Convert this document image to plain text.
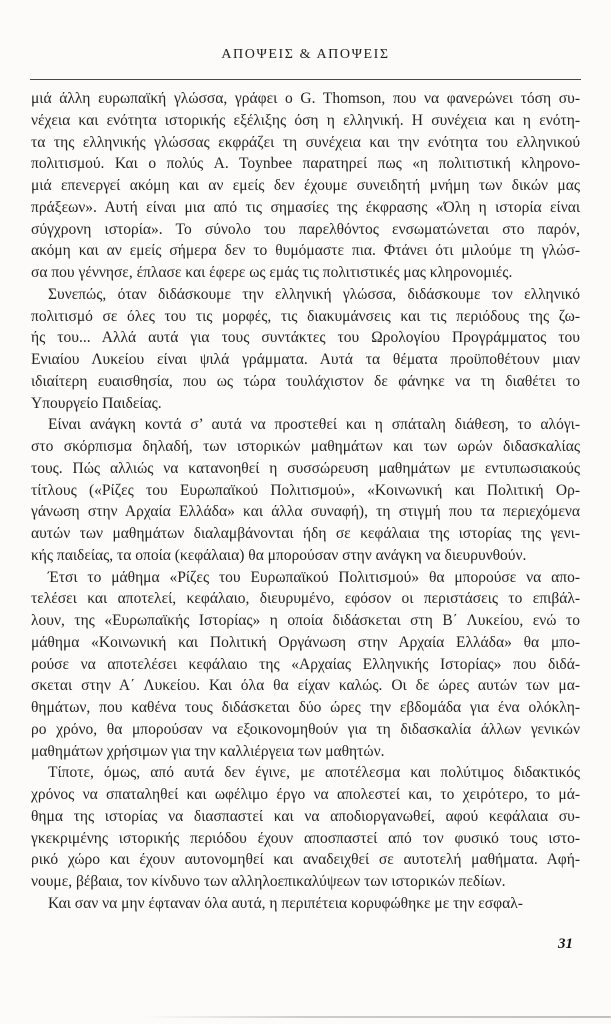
ΑΠΟΨΕΙΣ & ΑΠΟΨΕΙΣ
μιά άλλη ευρωπαϊκή γλώσσα, γράφει ο G. Thomson, που να φανερώνει τόση συ-
νέχεια και ενότητα ιστορικής εξέλιξης όση η ελληνική. Η συνέχεια και η ενότη-
τα της ελληνικής γλώσσας εκφράζει τη συνέχεια και την ενότητα του ελληνικού
πολιτισμού. Και ο πολύς A. Toynbee παρατηρεί πως «η πολιτιστική κληρονο-
μιά επενεργεί ακόμη και αν εμείς δεν έχουμε συνειδητή μνήμη των δικών μας
πράξεων». Αυτή είναι μια από τις σημασίες της έκφρασης «Όλη η ιστορία είναι
σύγχρονη ιστορία». Το σύνολο του παρελθόντος ενσωματώνεται στο παρόν,
ακόμη και αν εμείς σήμερα δεν το θυμόμαστε πια. Φτάνει ότι μιλούμε τη γλώσ-
σα που γέννησε, έπλασε και έφερε ως εμάς τις πολιτιστικές μας κληρονομιές.
Συνεπώς, όταν διδάσκουμε την ελληνική γλώσσα, διδάσκουμε τον ελληνικό
πολιτισμό σε όλες του τις μορφές, τις διακυμάνσεις και τις περιόδους της ζω-
ής του... Αλλά αυτά για τους συντάκτες του Ωρολογίου Προγράμματος του
Ενιαίου Λυκείου είναι ψιλά γράμματα. Αυτά τα θέματα προϋποθέτουν μιαν
ιδιαίτερη ευαισθησία, που ως τώρα τουλάχιστον δε φάνηκε να τη διαθέτει το
Υπουργείο Παιδείας.
Είναι ανάγκη κοντά σ’ αυτά να προστεθεί και η σπάταλη διάθεση, το αλόγι-
στο σκόρπισμα δηλαδή, των ιστορικών μαθημάτων και των ωρών διδασκαλίας
τους. Πώς αλλιώς να κατανοηθεί η συσσώρευση μαθημάτων με εντυπωσιακούς
τίτλους («Ρίζες του Ευρωπαϊκού Πολιτισμού», «Κοινωνική και Πολιτική Ορ-
γάνωση στην Αρχαία Ελλάδα» και άλλα συναφή), τη στιγμή που τα περιεχόμενα
αυτών των μαθημάτων διαλαμβάνονται ήδη σε κεφάλαια της ιστορίας της γενι-
κής παιδείας, τα οποία (κεφάλαια) θα μπορούσαν στην ανάγκη να διευρυνθούν.
Έτσι το μάθημα «Ρίζες του Ευρωπαϊκού Πολιτισμού» θα μπορούσε να απο-
τελέσει και αποτελεί, κεφάλαιο, διευρυμένο, εφόσον οι περιστάσεις το επιβάλ-
λουν, της «Ευρωπαϊκής Ιστορίας» η οποία διδάσκεται στη Β΄ Λυκείου, ενώ το
μάθημα «Κοινωνική και Πολιτική Οργάνωση στην Αρχαία Ελλάδα» θα μπο-
ρούσε να αποτελέσει κεφάλαιο της «Αρχαίας Ελληνικής Ιστορίας» που διδά-
σκεται στην Α΄ Λυκείου. Και όλα θα είχαν καλώς. Οι δε ώρες αυτών των μα-
θημάτων, που καθένα τους διδάσκεται δύο ώρες την εβδομάδα για ένα ολόκλη-
ρο χρόνο, θα μπορούσαν να εξοικονομηθούν για τη διδασκαλία άλλων γενικών
μαθημάτων χρήσιμων για την καλλιέργεια των μαθητών.
Τίποτε, όμως, από αυτά δεν έγινε, με αποτέλεσμα και πολύτιμος διδακτικός
χρόνος να σπαταληθεί και ωφέλιμο έργο να απολεστεί και, το χειρότερο, το μά-
θημα της ιστορίας να διασπαστεί και να αποδιοργανωθεί, αφού κεφάλαια συ-
γκεκριμένης ιστορικής περιόδου έχουν αποσπαστεί από τον φυσικό τους ιστο-
ρικό χώρο και έχουν αυτονομηθεί και αναδειχθεί σε αυτοτελή μαθήματα. Αφή-
νουμε, βέβαια, τον κίνδυνο των αλληλοεπικαλύψεων των ιστορικών πεδίων.
Και σαν να μην έφταναν όλα αυτά, η περιπέτεια κορυφώθηκε με την εσφαλ-
31
